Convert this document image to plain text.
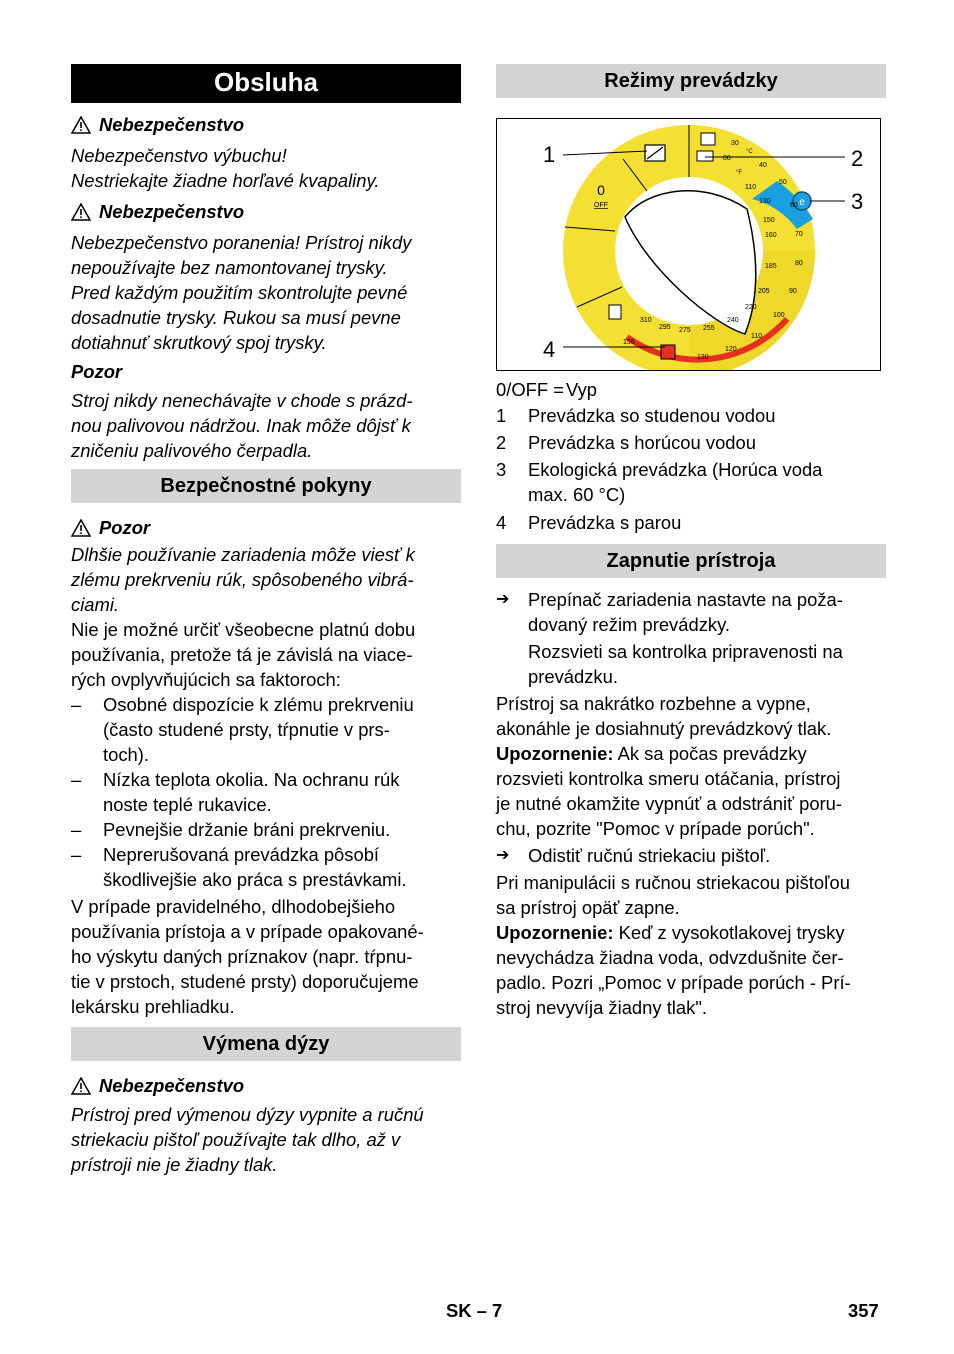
Obsluha
Nebezpečenstvo

Nebezpečenstvo výbuchu!

Nestriekajte žiadne horľavé kvapaliny.

Nebezpečenstvo

Nebezpečenstvo poranenia! Prístroj nikdy

nepoužívajte bez namontovanej trysky.

Pred každým použitím skontrolujte pevné

dosadnutie trysky. Rukou sa musí pevne

dotiahnuť skrutkový spoj trysky.

Pozor

Stroj nikdy nenechávajte v chode s prázd-

nou palivovou nádržou. Inak môže dôjsť k

zničeniu palivového čerpadla.

Bezpečnostné pokyny
Pozor

Dlhšie používanie zariadenia môže viesť k

zlému prekrveniu rúk, spôsobeného vibrá-

ciami.

Nie je možné určiť všeobecne platnú dobu

používania, pretože tá je závislá na viace-

rých ovplyvňujúcich sa faktoroch:

–	Osobné dispozície k zlému prekrveniu

(často studené prsty, tŕpnutie v prs-

toch).

–	Nízka teplota okolia. Na ochranu rúk

noste teplé rukavice.

–	Pevnejšie držanie bráni prekrveniu.

–	Neprerušovaná prevádzka pôsobí

škodlivejšie ako práca s prestávkami.

V prípade pravidelného, dlhodobejšieho

používania prístoja a v prípade opakované-

ho výskytu daných príznakov (napr. tŕpnu-

tie v prstoch, studené prsty) doporučujeme

lekársku prehliadku.

Výmena dýzy
Nebezpečenstvo

Prístroj pred výmenou dýzy vypnite a ručnú

striekaciu pištoľ používajte tak dlho, až v

prístroji nie je žiadny tlak.

Režimy prevádzky
e
0
OFF
°C
°F
30
40
50
60
70
80
90
100
110
120
130
155
80
110
130
150
160
185
205
220
240
255
275
295
310
1	2
3
4
0/OFF = Vyp
1	Prevádzka so studenou vodou

2	Prevádzka s horúcou vodou

3	Ekologická prevádzka (Horúca voda

max. 60 °C)

4	Prevádzka s parou

Zapnutie prístroja
➔	Prepínač zariadenia nastavte na poža-

dovaný režim prevádzky.

Rozsvieti sa kontrolka pripravenosti na

prevádzku.

Prístroj sa nakrátko rozbehne a vypne,

akonáhle je dosiahnutý prevádzkový tlak.

Upozornenie: Ak sa počas prevádzky

rozsvieti kontrolka smeru otáčania, prístroj

je nutné okamžite vypnúť a odstrániť poru-

chu, pozrite "Pomoc v prípade porúch".

➔	Odistiť ručnú striekaciu pištoľ.

Pri manipulácii s ručnou striekacou pištoľou

sa prístroj opäť zapne.

Upozornenie: Keď z vysokotlakovej trysky

nevychádza žiadna voda, odvzdušnite čer-

padlo. Pozri „Pomoc v prípade porúch - Prí-

stroj nevyvíja žiadny tlak".

SK – 7	357
